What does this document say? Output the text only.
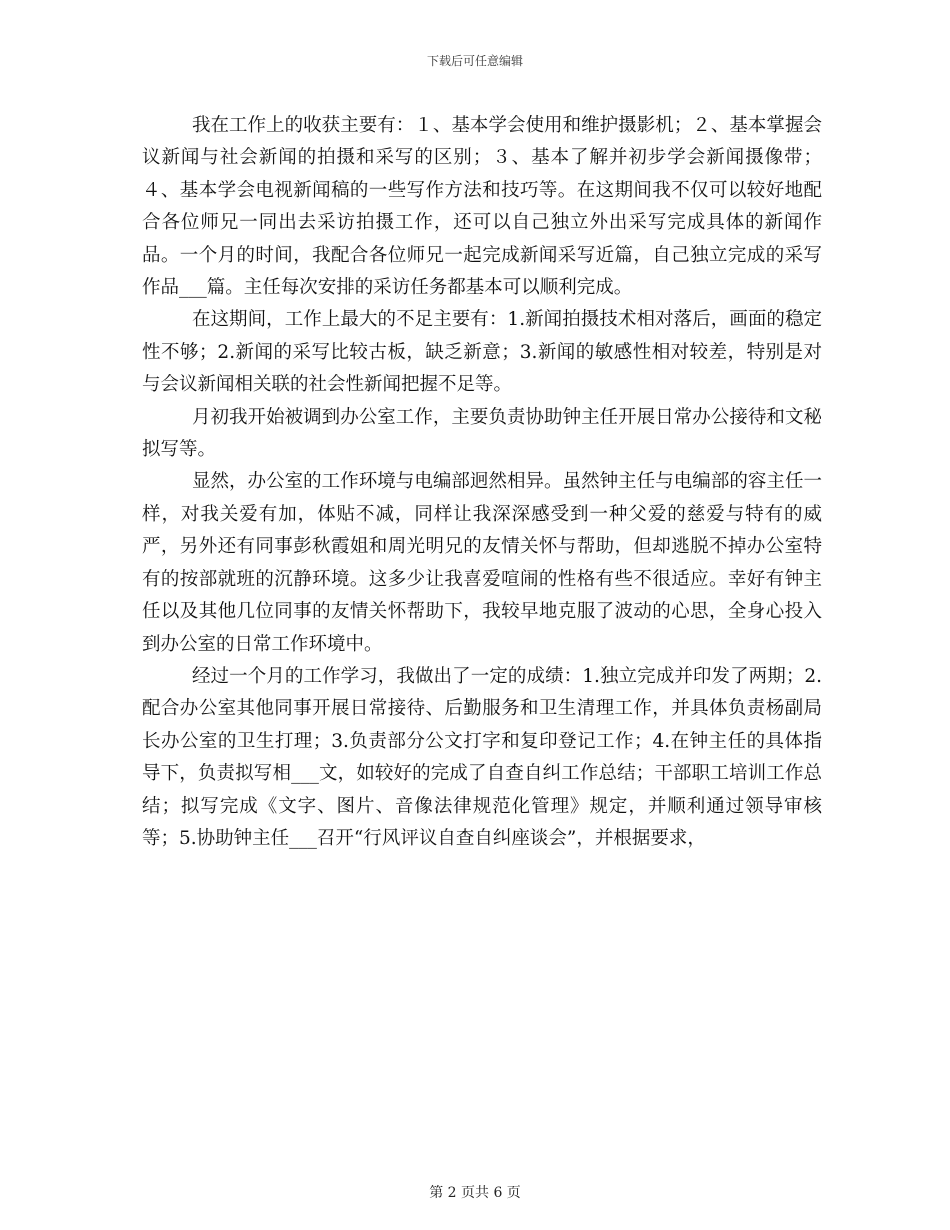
下载后可任意编辑

我在工作上的收获主要有：１、基本学会使用和维护摄影机；２、基本掌握会议新闻与社会新闻的拍摄和采写的区别；３、基本了解并初步学会新闻摄像带；４、基本学会电视新闻稿的一些写作方法和技巧等。在这期间我不仅可以较好地配合各位师兄一同出去采访拍摄工作，还可以自己独立外出采写完成具体的新闻作品。一个月的时间，我配合各位师兄一起完成新闻采写近篇，自己独立完成的采写作品___篇。主任每次安排的采访任务都基本可以顺利完成。

在这期间，工作上最大的不足主要有：1.新闻拍摄技术相对落后，画面的稳定性不够；2.新闻的采写比较古板，缺乏新意；3.新闻的敏感性相对较差，特别是对与会议新闻相关联的社会性新闻把握不足等。

月初我开始被调到办公室工作，主要负责协助钟主任开展日常办公接待和文秘拟写等。

显然，办公室的工作环境与电编部迥然相异。虽然钟主任与电编部的容主任一样，对我关爱有加，体贴不减，同样让我深深感受到一种父爱的慈爱与特有的威严，另外还有同事彭秋霞姐和周光明兄的友情关怀与帮助，但却逃脱不掉办公室特有的按部就班的沉静环境。这多少让我喜爱喧闹的性格有些不很适应。幸好有钟主任以及其他几位同事的友情关怀帮助下，我较早地克服了波动的心思，全身心投入到办公室的日常工作环境中。

经过一个月的工作学习，我做出了一定的成绩：1.独立完成并印发了两期；2.配合办公室其他同事开展日常接待、后勤服务和卫生清理工作，并具体负责杨副局长办公室的卫生打理；3.负责部分公文打字和复印登记工作；4.在钟主任的具体指导下，负责拟写相___文，如较好的完成了自查自纠工作总结；干部职工培训工作总结；拟写完成《文字、图片、音像法律规范化管理》规定，并顺利通过领导审核等；5.协助钟主任___召开“行风评议自查自纠座谈会”，并根据要求，

第 2 页共 6 页
